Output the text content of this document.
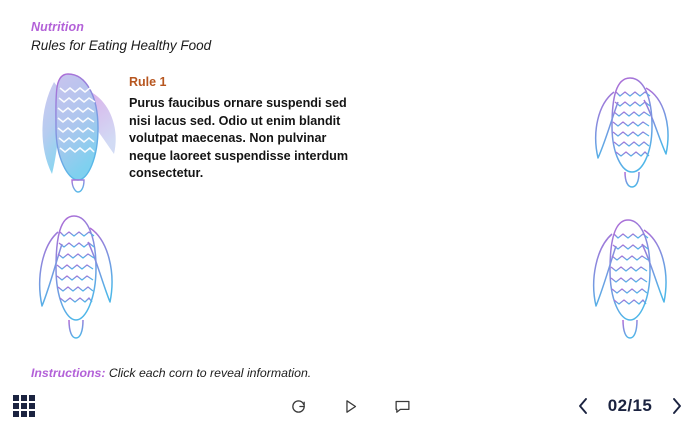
Nutrition
Rules for Eating Healthy Food
Rule 1
Purus faucibus ornare suspendi sed nisi lacus sed. Odio ut enim blandit volutpat maecenas. Non pulvinar neque laoreet suspendisse interdum consectetur.
Instructions: Click each corn to reveal information.
02/15
